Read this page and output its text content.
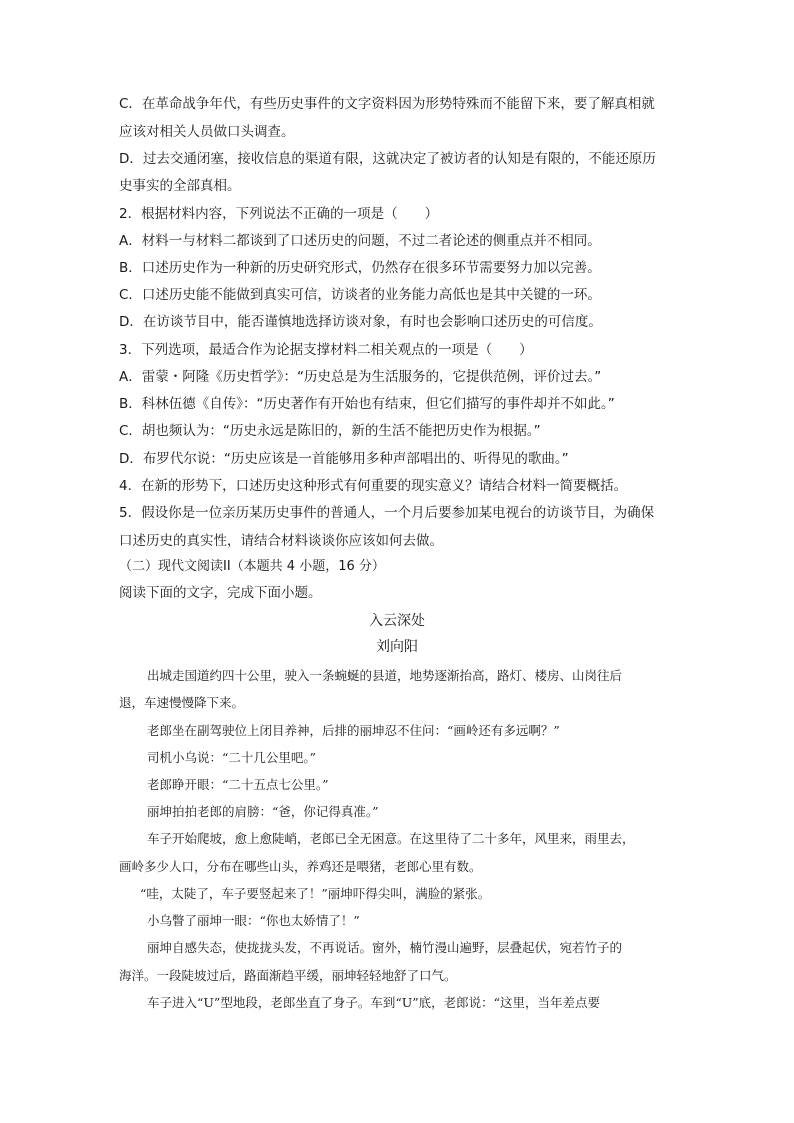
C．在革命战争年代，有些历史事件的文字资料因为形势特殊而不能留下来，要了解真相就
应该对相关人员做口头调查。
D．过去交通闭塞，接收信息的渠道有限，这就决定了被访者的认知是有限的，不能还原历
史事实的全部真相。
2．根据材料内容，下列说法不正确的一项是（　　）
A．材料一与材料二都谈到了口述历史的问题，不过二者论述的侧重点并不相同。
B．口述历史作为一种新的历史研究形式，仍然存在很多环节需要努力加以完善。
C．口述历史能不能做到真实可信，访谈者的业务能力高低也是其中关键的一环。
D．在访谈节目中，能否谨慎地选择访谈对象，有时也会影响口述历史的可信度。
3．下列选项，最适合作为论据支撑材料二相关观点的一项是（　　）
A．雷蒙・阿隆《历史哲学》：“历史总是为生活服务的，它提供范例，评价过去。”
B．科林伍德《自传》：“历史著作有开始也有结束，但它们描写的事件却并不如此。”
C．胡也频认为：“历史永远是陈旧的，新的生活不能把历史作为根据。”
D．布罗代尔说：“历史应该是一首能够用多种声部唱出的、听得见的歌曲。”
4．在新的形势下，口述历史这种形式有何重要的现实意义？请结合材料一简要概括。
5．假设你是一位亲历某历史事件的普通人，一个月后要参加某电视台的访谈节目，为确保
口述历史的真实性，请结合材料谈谈你应该如何去做。
（二）现代文阅读II（本题共 4 小题，16 分）
阅读下面的文字，完成下面小题。
入云深处
刘向阳
出城走国道约四十公里，驶入一条蜿蜒的县道，地势逐渐抬高，路灯、楼房、山岗往后
退，车速慢慢降下来。
老郎坐在副驾驶位上闭目养神，后排的丽坤忍不住问：“画岭还有多远啊？”
司机小乌说：“二十几公里吧。”
老郎睁开眼：“二十五点七公里。”
丽坤拍拍老郎的肩膀：“爸，你记得真准。”
车子开始爬坡，愈上愈陡峭，老郎已全无困意。在这里待了二十多年，风里来，雨里去，
画岭多少人口，分布在哪些山头，养鸡还是喂猪，老郎心里有数。
“哇，太陡了，车子要竖起来了！”丽坤吓得尖叫，满脸的紧张。
小乌瞥了丽坤一眼：“你也太娇情了！”
丽坤自感失态，使拢拢头发，不再说话。窗外，楠竹漫山遍野，层叠起伏，宛若竹子的
海洋。一段陡坡过后，路面渐趋平缓，丽坤轻轻地舒了口气。
车子进入“U”型地段，老郎坐直了身子。车到“U”底，老郎说：“这里，当年差点要
